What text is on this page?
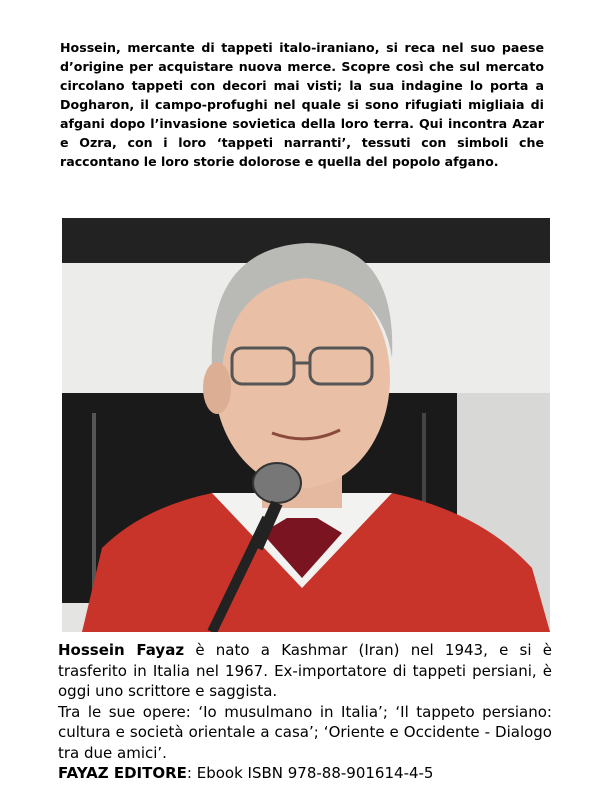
Hossein, mercante di tappeti italo-iraniano, si reca nel suo paese d’origine per acquistare nuova merce. Scopre così che sul mercato circolano tappeti con decori mai visti; la sua indagine lo porta a Dogharon, il campo-profughi nel quale si sono rifugiati migliaia di afgani dopo l’invasione sovietica della loro terra. Qui incontra Azar e Ozra, con i loro ‘tappeti narranti’, tessuti con simboli che raccontano le loro storie dolorose e quella del popolo afgano.

Hossein Fayaz è nato a Kashmar (Iran) nel 1943, e si è trasferito in Italia nel 1967. Ex-importatore di tappeti persiani, è oggi uno scrittore e saggista.

Tra le sue opere: ‘Io musulmano in Italia’; ‘Il tappeto persiano: cultura e società orientale a casa’; ‘Oriente e Occidente - Dialogo tra due amici’.

FAYAZ EDITORE: Ebook ISBN 978-88-901614-4-5
